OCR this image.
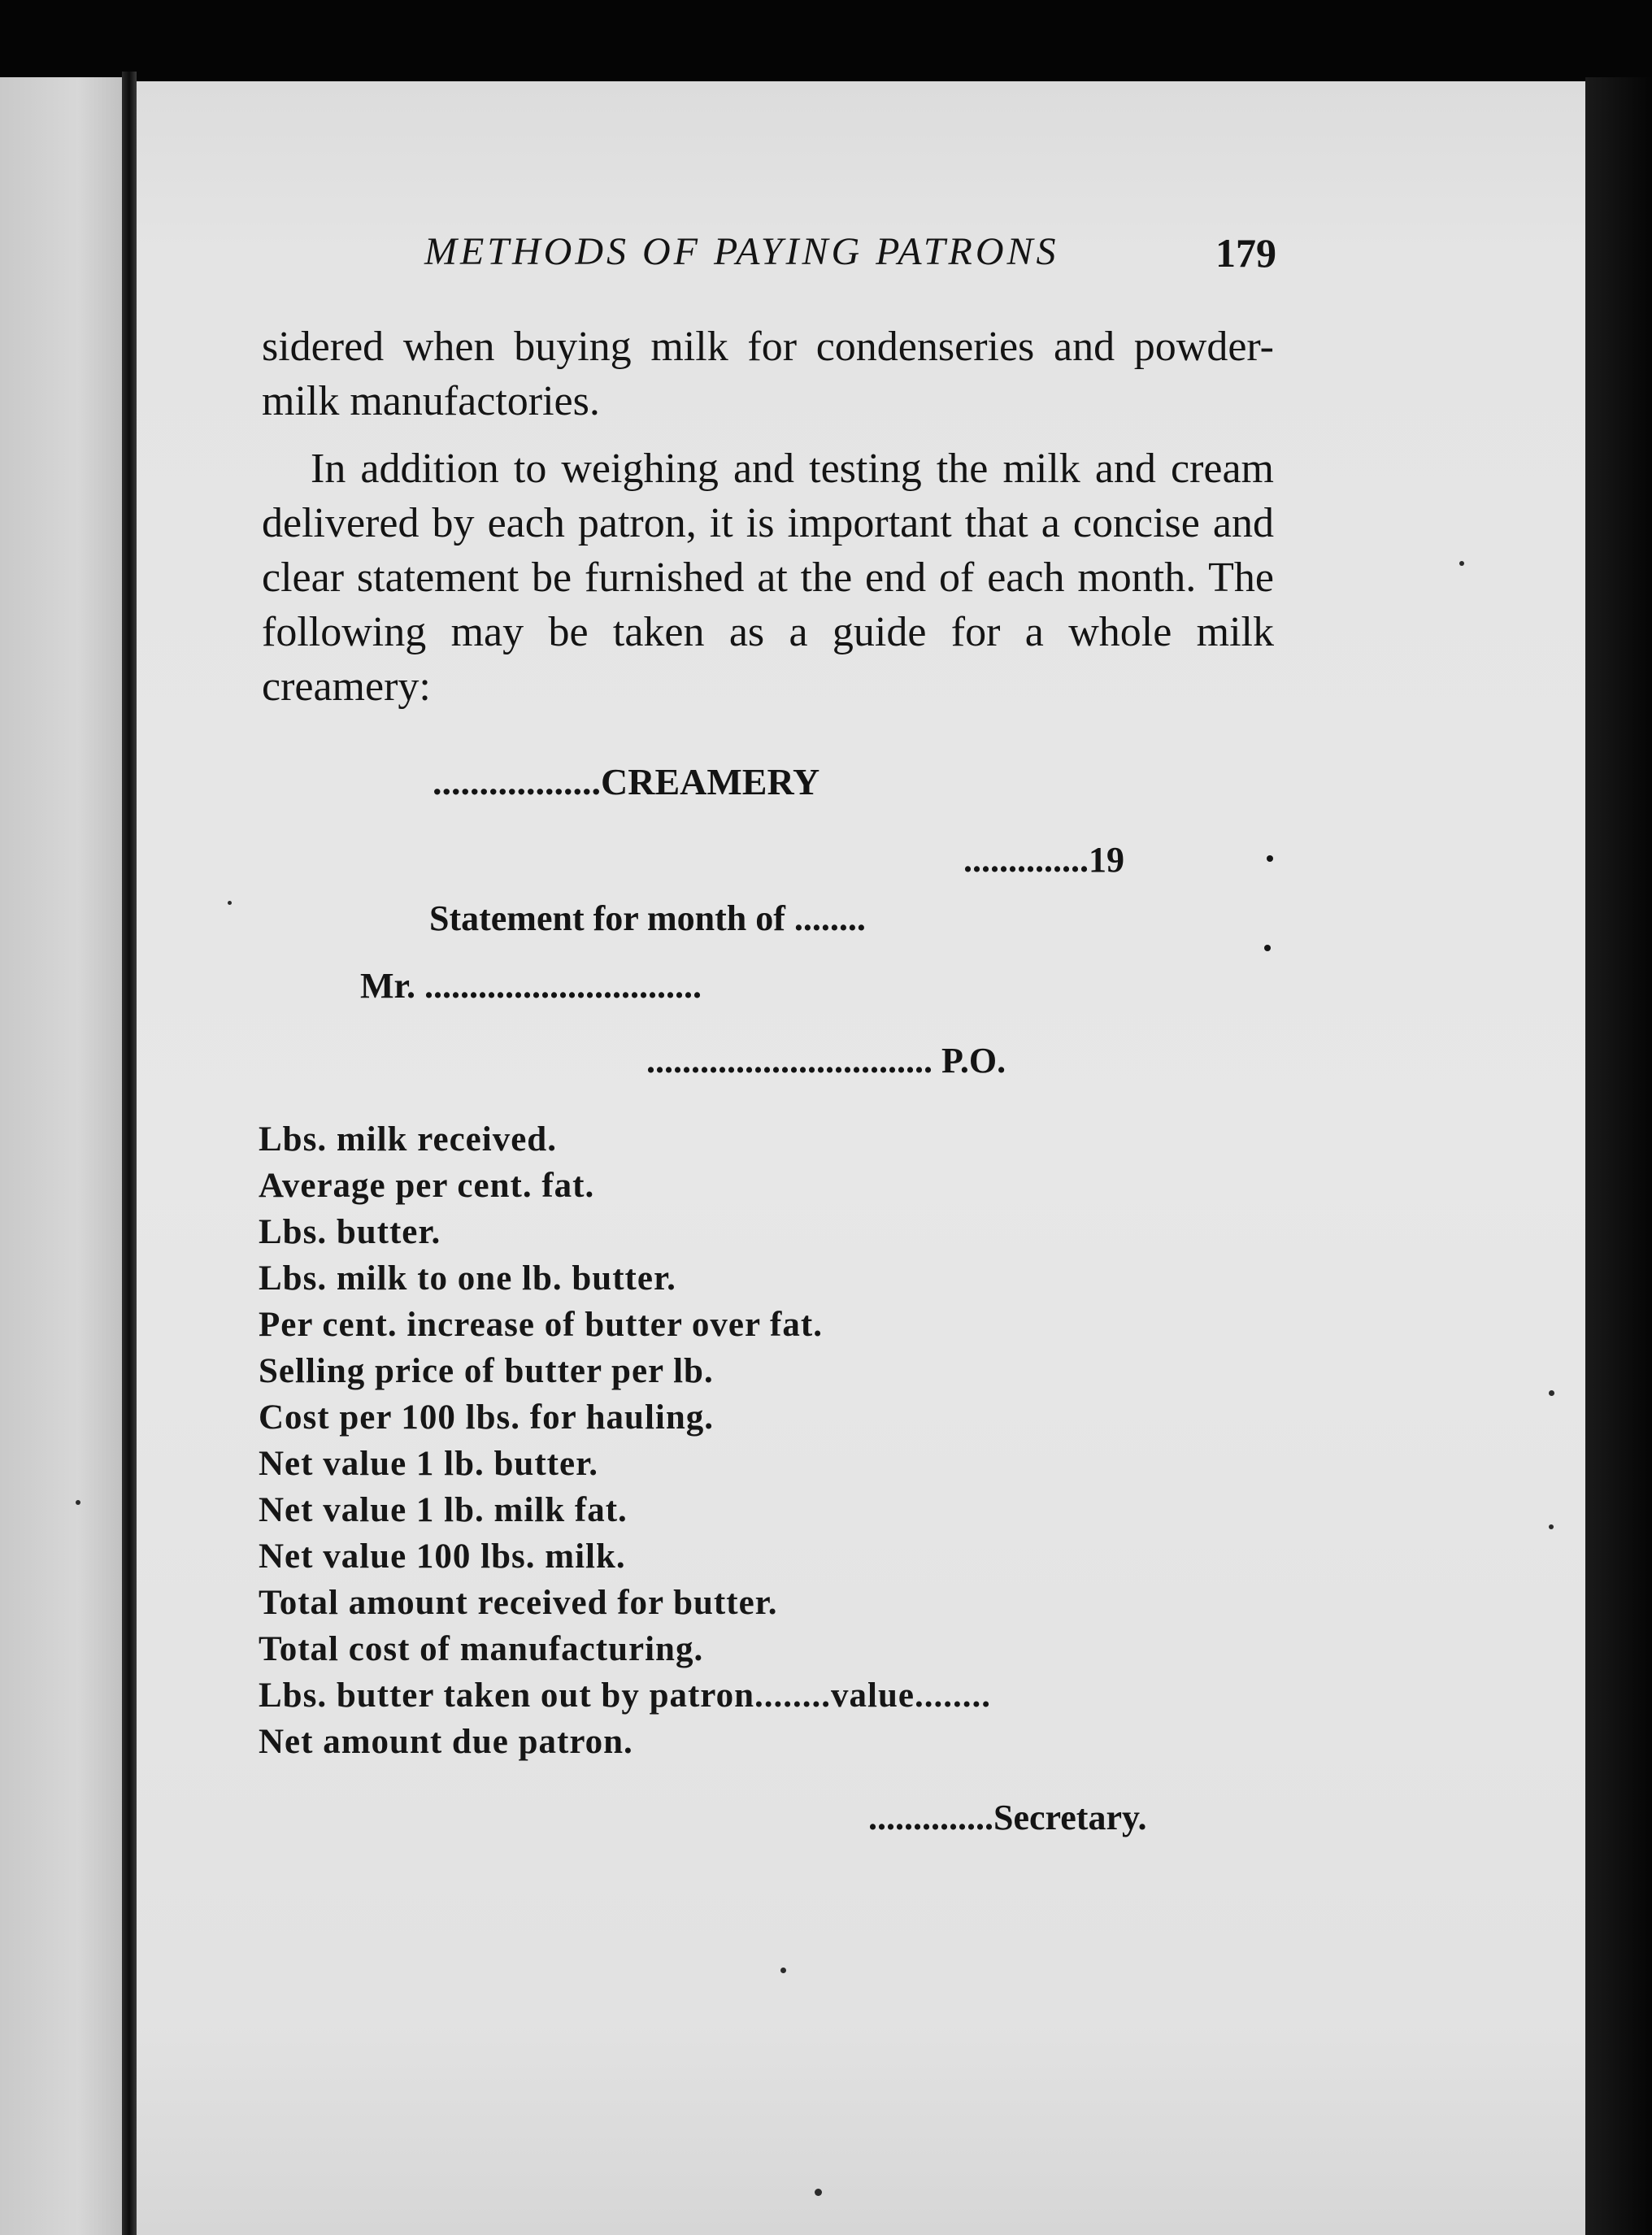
METHODS OF PAYING PATRONS	179
sidered when buying milk for condenseries and powder-milk manufactories.
In addition to weighing and testing the milk and cream delivered by each patron, it is important that a concise and clear statement be furnished at the end of each month. The following may be taken as a guide for a whole milk creamery:
..................CREAMERY
..............19
Statement for month of ........
Mr. ...............................
................................ P.O.
Lbs. milk received.
Average per cent. fat.
Lbs. butter.
Lbs. milk to one lb. butter.
Per cent. increase of butter over fat.
Selling price of butter per lb.
Cost per 100 lbs. for hauling.
Net value 1 lb. butter.
Net value 1 lb. milk fat.
Net value 100 lbs. milk.
Total amount received for butter.
Total cost of manufacturing.
Lbs. butter taken out by patron........value........
Net amount due patron.
..............Secretary.
